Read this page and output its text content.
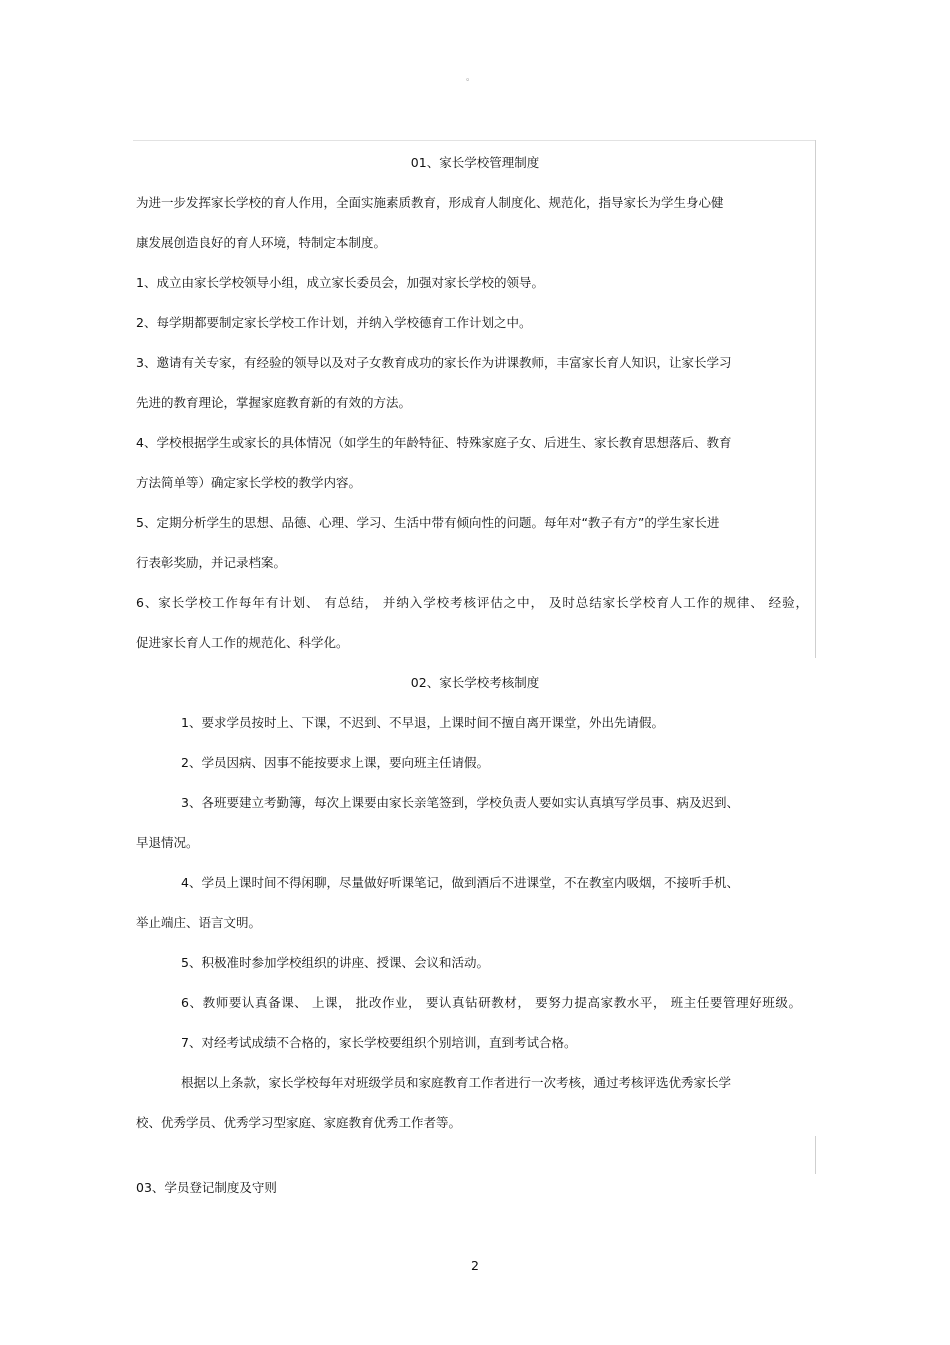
。
01、家长学校管理制度
为进一步发挥家长学校的育人作用，全面实施素质教育，形成育人制度化、规范化，指导家长为学生身心健
康发展创造良好的育人环境，特制定本制度。
1、成立由家长学校领导小组，成立家长委员会，加强对家长学校的领导。
2、每学期都要制定家长学校工作计划，并纳入学校德育工作计划之中。
3、邀请有关专家，有经验的领导以及对子女教育成功的家长作为讲课教师，丰富家长育人知识，让家长学习
先进的教育理论，掌握家庭教育新的有效的方法。
4、学校根据学生或家长的具体情况（如学生的年龄特征、特殊家庭子女、后进生、家长教育思想落后、教育
方法简单等）确定家长学校的教学内容。
5、定期分析学生的思想、品德、心理、学习、生活中带有倾向性的问题。每年对“教子有方”的学生家长进
行表彰奖励，并记录档案。
6、家长学校工作每年有计划、 有总结， 并纳入学校考核评估之中， 及时总结家长学校育人工作的规律、 经验，
促进家长育人工作的规范化、科学化。
02、家长学校考核制度
1、要求学员按时上、下课，不迟到、不早退，上课时间不擅自离开课堂，外出先请假。
2、学员因病、因事不能按要求上课，要向班主任请假。
3、各班要建立考勤簿，每次上课要由家长亲笔签到，学校负责人要如实认真填写学员事、病及迟到、
早退情况。
4、学员上课时间不得闲聊，尽量做好听课笔记，做到酒后不进课堂，不在教室内吸烟，不接听手机、
举止端庄、语言文明。
5、积极准时参加学校组织的讲座、授课、会议和活动。
6、教师要认真备课、 上课， 批改作业， 要认真钻研教材， 要努力提高家教水平， 班主任要管理好班级。
7、对经考试成绩不合格的，家长学校要组织个别培训，直到考试合格。
根据以上条款，家长学校每年对班级学员和家庭教育工作者进行一次考核，通过考核评选优秀家长学
校、优秀学员、优秀学习型家庭、家庭教育优秀工作者等。
03、学员登记制度及守则
2
